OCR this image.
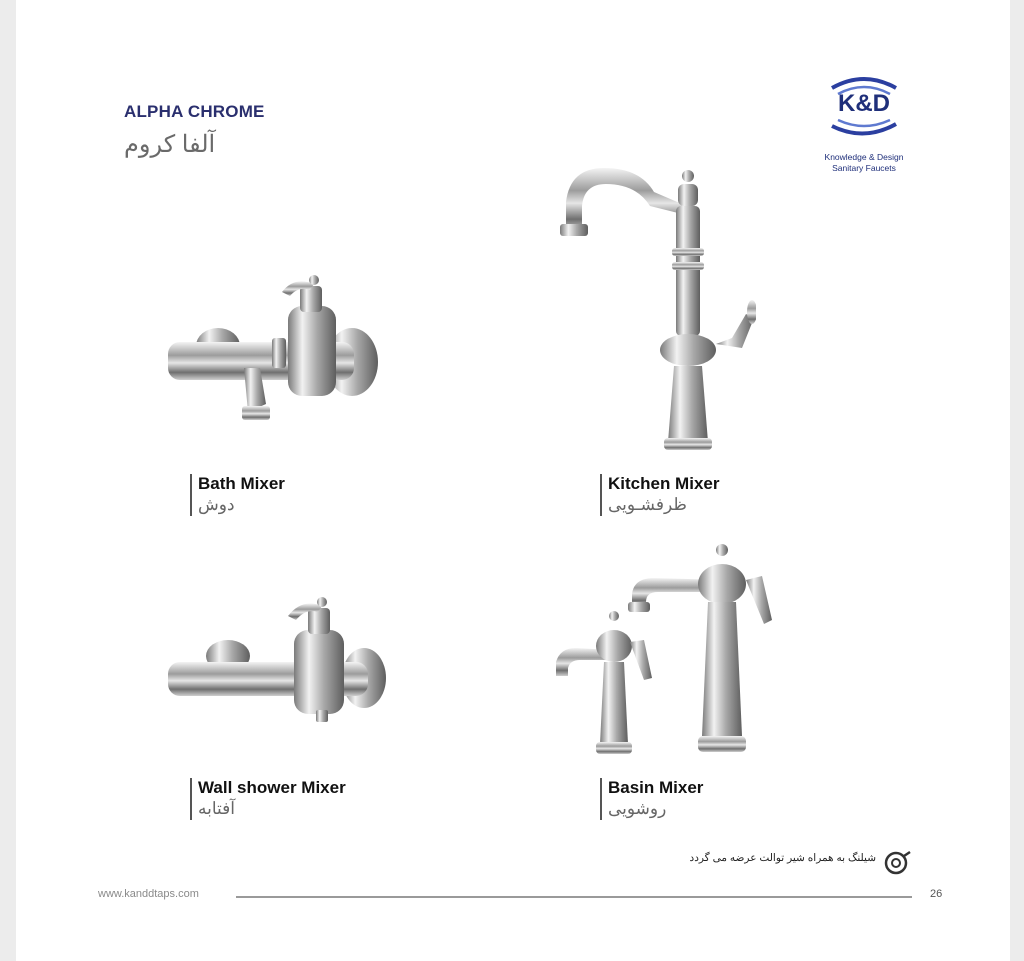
ALPHA CHROME
آلفا کروم
K&D
Knowledge & Design
Sanitary Faucets
Bath Mixer
دوش
Kitchen Mixer
ظرفشـویی
Wall shower Mixer
آفتابه
Basin Mixer
روشویی
شیلنگ به همراه شیر توالت عرضه می گردد
www.kanddtaps.com	26
